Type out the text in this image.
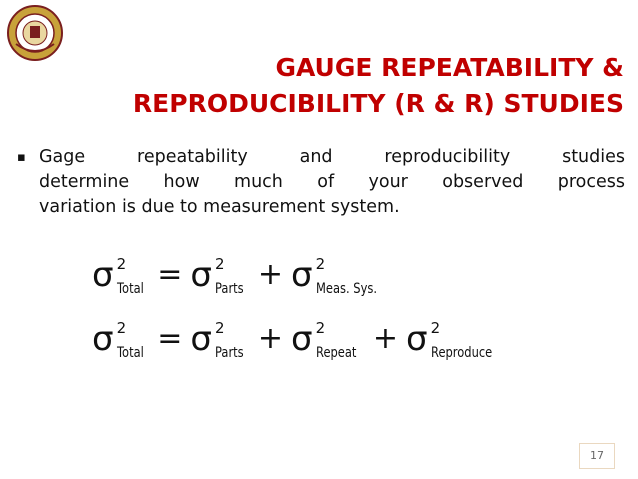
GAUGE REPEATABILITY &
REPRODUCIBILITY (R & R) STUDIES
▪ Gage repeatability and reproducibility studies
determine how much of your observed process
variation is due to measurement system.
σ 2
Total = σ 2
Parts + σ 2
Meas. Sys.
σ 2
Total = σ 2
Parts + σ 2
Repeat + σ 2
Reproduce
17
